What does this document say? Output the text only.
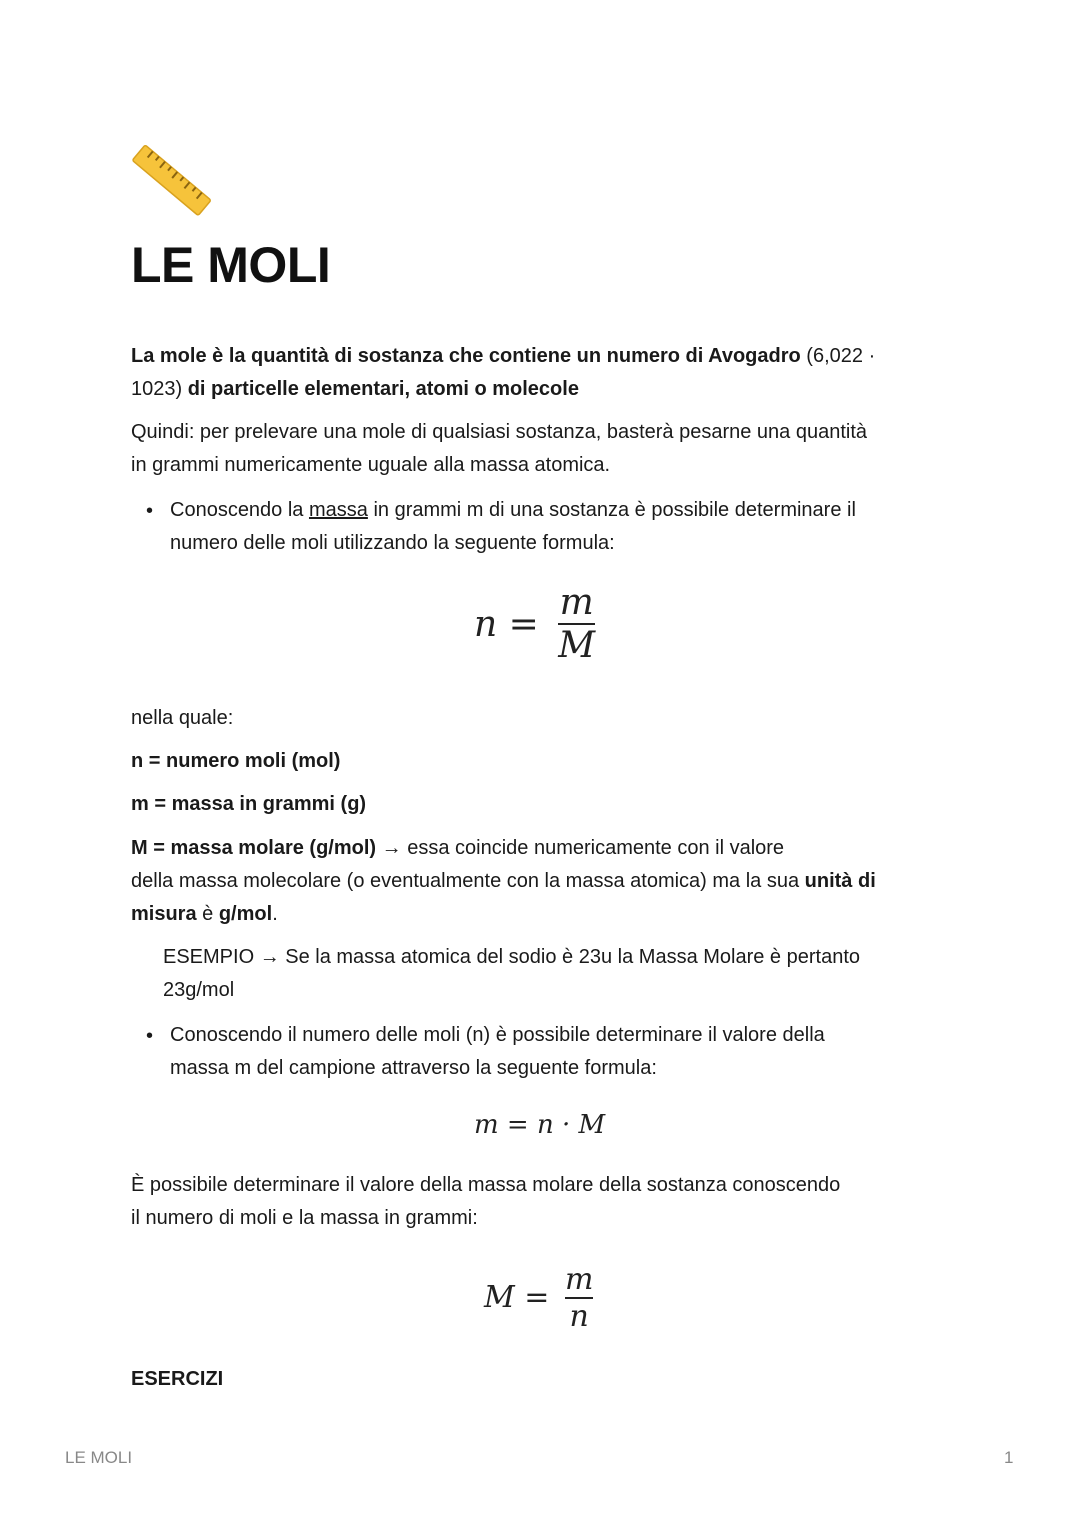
LE MOLI
La mole è la quantità di sostanza che contiene un numero di Avogadro (6,022 ·
1023) di particelle elementari, atomi o molecole
Quindi: per prelevare una mole di qualsiasi sostanza, basterà pesarne una quantità
in grammi numericamente uguale alla massa atomica.
• Conoscendo la massa in grammi m di una sostanza è possibile determinare il
numero delle moli utilizzando la seguente formula:
$n = \frac{m}{M}$
nella quale:
n = numero moli (mol)
m = massa in grammi (g)
M = massa molare (g/mol) → essa coincide numericamente con il valore
della massa molecolare (o eventualmente con la massa atomica) ma la sua unità di
misura è g/mol.
ESEMPIO → Se la massa atomica del sodio è 23u la Massa Molare è pertanto
23g/mol
• Conoscendo il numero delle moli (n) è possibile determinare il valore della
massa m del campione attraverso la seguente formula:
m = n · M
È possibile determinare il valore della massa molare della sostanza conoscendo
il numero di moli e la massa in grammi:
$M = \frac{m}{n}$
ESERCIZI
LE MOLI	1
